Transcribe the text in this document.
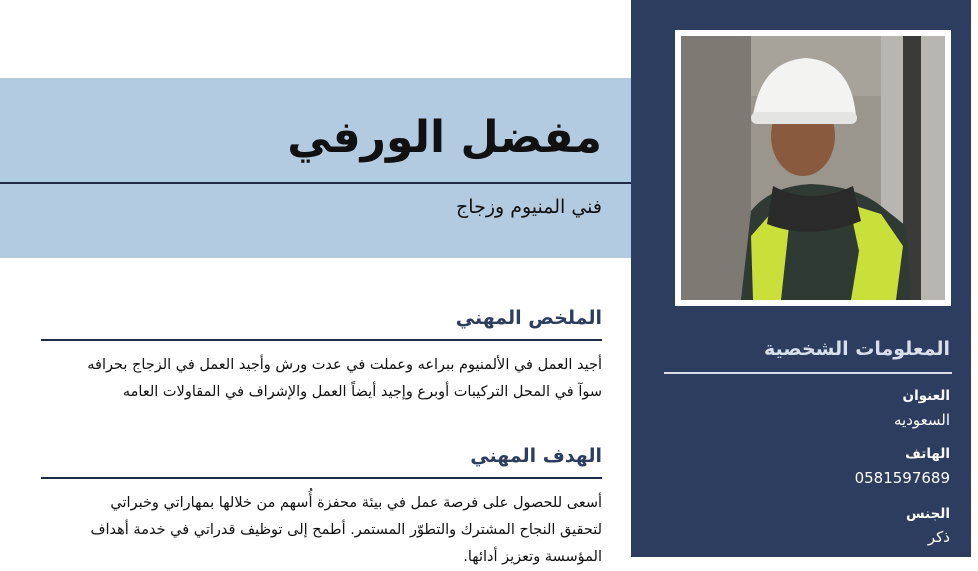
مفضل الورفي

فني المنيوم وزجاج

الملخص المهني

أجيد العمل في الألمنيوم ببراعه وعملت في عدت ورش وأجيد العمل في الزجاج بحرافه سوآ في المحل التركيبات أوبرع وإجيد أيضاً العمل والإشراف في المقاولات العامه

الهدف المهني

أسعى للحصول على فرصة عمل في بيئة محفزة أُسهم من خلالها بمهاراتي وخبراتي لتحقيق النجاح المشترك والتطوّر المستمر. أطمح إلى توظيف قدراتي في خدمة أهداف المؤسسة وتعزيز أدائها.

المعلومات الشخصية

العنوان

السعوديه

الهاتف

0581597689

الجنس

ذكر
